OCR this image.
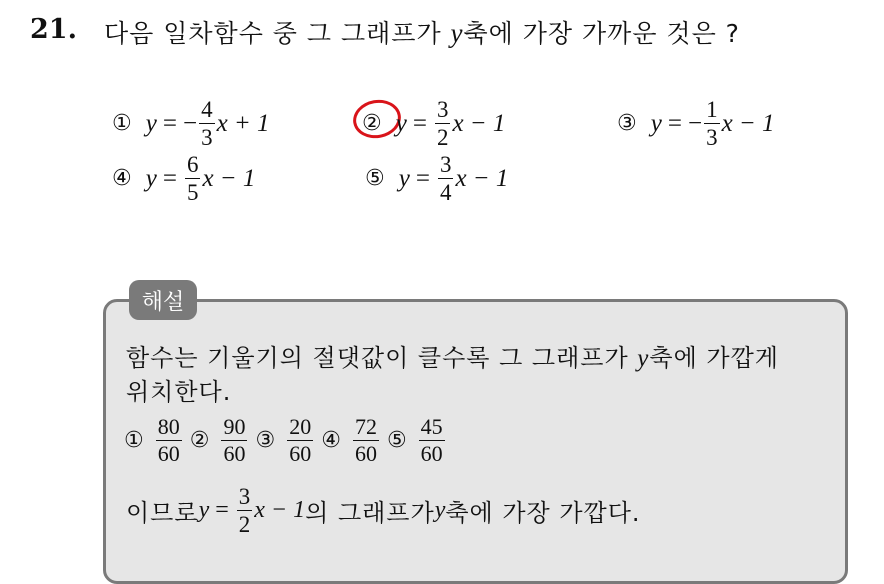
21. 다음 일차함수 중 그 그래프가 y축에 가장 가까운 것은 ?
① y = − $\frac{4}{3}$ x + 1	② $y = \frac{3}{2}$ x − 1	③ y = − $\frac{1}{3}$ x − 1
④ $y = \frac{6}{5}$ x − 1	⑤ $y = \frac{3}{4}$ x − 1
해설
함수는 기울기의 절댓값이 클수록 그 그래프가 y축에 가깝게
위치한다.
① $\frac{80}{60}$ ② $\frac{90}{60}$ ③ $\frac{20}{60}$ ④ $\frac{72}{60}$ ⑤ $\frac{45}{60}$
이므로 $y = \frac{3}{2}$ x − 1 의 그래프가 y 축에 가장 가깝다.
